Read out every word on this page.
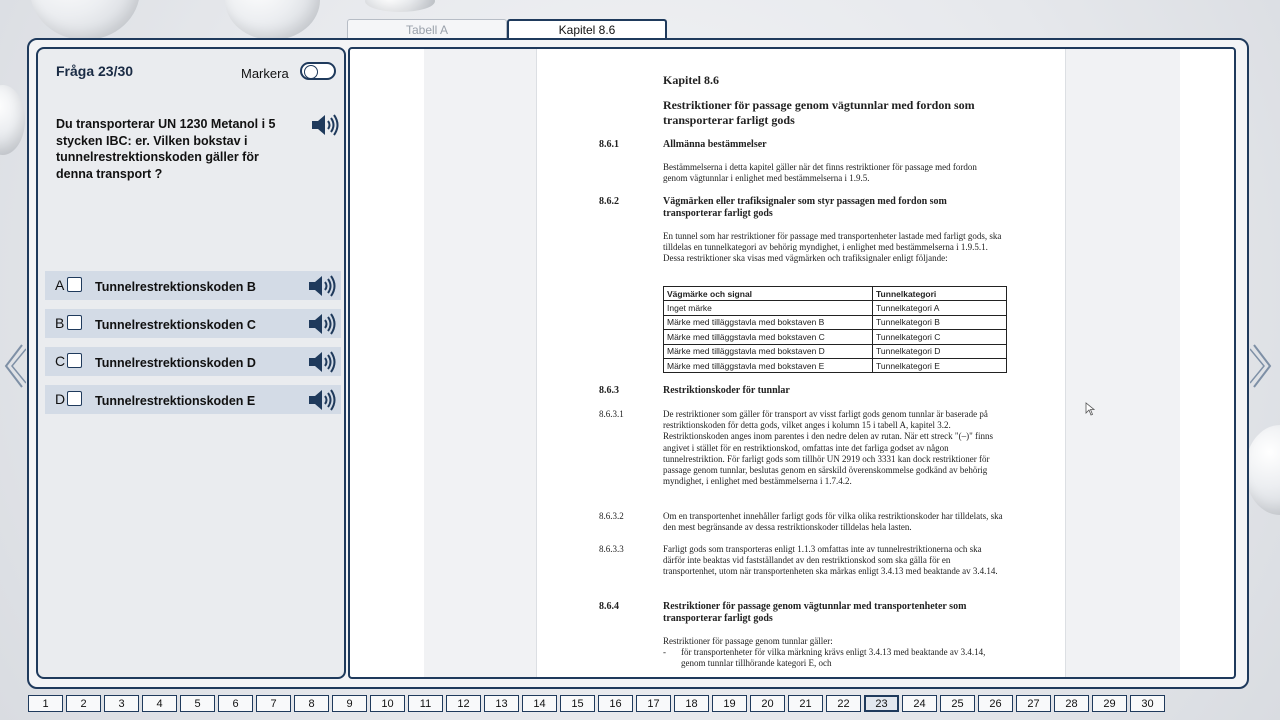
Tabell A	Kapitel 8.6
Fråga 23/30	Markera
Du transporterar UN 1230 Metanol i 5 stycken IBC: er. Vilken bokstav i tunnelrestrektionskoden gäller för denna transport ?
A Tunnelrestrektionskoden B
B Tunnelrestrektionskoden C
C Tunnelrestrektionskoden D
D Tunnelrestrektionskoden E
Kapitel 8.6
Restriktioner för passage genom vägtunnlar med fordon som transporterar farligt gods
8.6.1	Allmänna bestämmelser
Bestämmelserna i detta kapitel gäller när det finns restriktioner för passage med fordon genom vägtunnlar i enlighet med bestämmelserna i 1.9.5.
8.6.2	Vägmärken eller trafiksignaler som styr passagen med fordon som transporterar farligt gods
En tunnel som har restriktioner för passage med transportenheter lastade med farligt gods, ska tilldelas en tunnelkategori av behörig myndighet, i enlighet med bestämmelserna i 1.9.5.1. Dessa restriktioner ska visas med vägmärken och trafiksignaler enligt följande:
Vägmärke och signal	Tunnelkategori
Inget märke	Tunnelkategori A
Märke med tilläggstavla med bokstaven B	Tunnelkategori B
Märke med tilläggstavla med bokstaven C	Tunnelkategori C
Märke med tilläggstavla med bokstaven D	Tunnelkategori D
Märke med tilläggstavla med bokstaven E	Tunnelkategori E
8.6.3	Restriktionskoder för tunnlar
8.6.3.1	De restriktioner som gäller för transport av visst farligt gods genom tunnlar är baserade på restriktionskoden för detta gods, vilket anges i kolumn 15 i tabell A, kapitel 3.2. Restriktionskoden anges inom parentes i den nedre delen av rutan. När ett streck "(–)" finns angivet i stället för en restriktionskod, omfattas inte det farliga godset av någon tunnelrestriktion. För farligt gods som tillhör UN 2919 och 3331 kan dock restriktioner för passage genom tunnlar, beslutas genom en särskild överenskommelse godkänd av behörig myndighet, i enlighet med bestämmelserna i 1.7.4.2.
8.6.3.2	Om en transportenhet innehåller farligt gods för vilka olika restriktionskoder har tilldelats, ska den mest begränsande av dessa restriktionskoder tilldelas hela lasten.
8.6.3.3	Farligt gods som transporteras enligt 1.1.3 omfattas inte av tunnelrestriktionerna och ska därför inte beaktas vid fastställandet av den restriktionskod som ska gälla för en transportenhet, utom när transportenheten ska märkas enligt 3.4.13 med beaktande av 3.4.14.
8.6.4	Restriktioner för passage genom vägtunnlar med transportenheter som transporterar farligt gods
Restriktioner för passage genom tunnlar gäller:
-	för transportenheter för vilka märkning krävs enligt 3.4.13 med beaktande av 3.4.14, genom tunnlar tillhörande kategori E, och
1	2	3	4	5	6	7	8	9	10	11	12	13	14	15	16	17	18	19	20	21	22	23	24	25	26	27	28	29	30
